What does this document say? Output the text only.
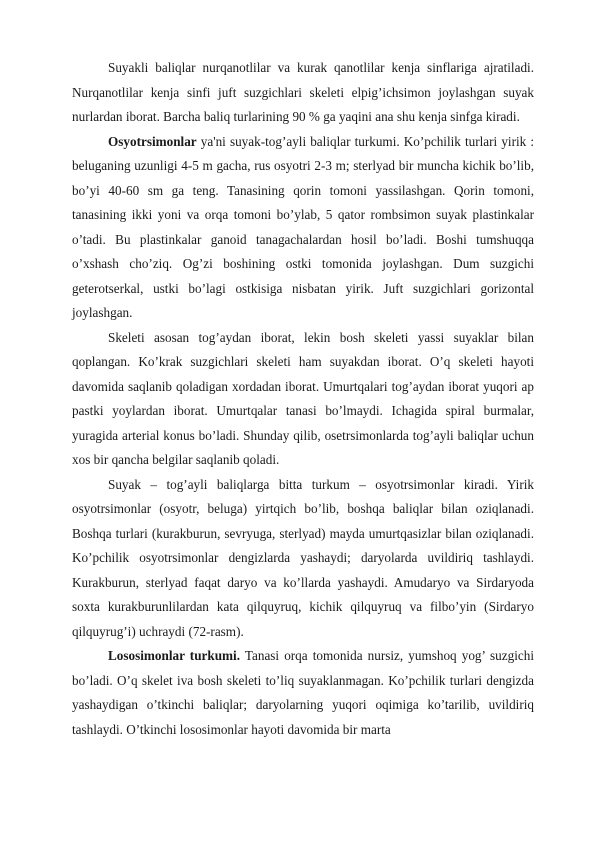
Suyakli baliqlar nurqanotlilar va kurak qanotlilar kenja sinflariga ajratiladi. Nurqanotlilar kenja sinfi juft suzgichlari skeleti elpig’ichsimon joylashgan suyak nurlardan iborat. Barcha baliq turlarining 90 % ga yaqini ana shu kenja sinfga kiradi.

Osyotrsimonlar ya'ni suyak-tog’ayli baliqlar turkumi. Ko’pchilik turlari yirik : beluganing uzunligi 4-5 m gacha, rus osyotri 2-3 m; sterlyad bir muncha kichik bo’lib, bo’yi 40-60 sm ga teng. Tanasining qorin tomoni yassilashgan. Qorin tomoni, tanasining ikki yoni va orqa tomoni bo’ylab, 5 qator rombsimon suyak plastinkalar o’tadi. Bu plastinkalar ganoid tanagachalardan hosil bo’ladi. Boshi tumshuqqa o’xshash cho’ziq. Og’zi boshining ostki tomonida joylashgan. Dum suzgichi geterotserkal, ustki bo’lagi ostkisiga nisbatan yirik. Juft suzgichlari gorizontal joylashgan.

Skeleti asosan tog’aydan iborat, lekin bosh skeleti yassi suyaklar bilan qoplangan. Ko’krak suzgichlari skeleti ham suyakdan iborat. O’q skeleti hayoti davomida saqlanib qoladigan xordadan iborat. Umurtqalari tog’aydan iborat yuqori ap pastki yoylardan iborat. Umurtqalar tanasi bo’lmaydi. Ichagida spiral burmalar, yuragida arterial konus bo’ladi. Shunday qilib, osetrsimonlarda tog’ayli baliqlar uchun xos bir qancha belgilar saqlanib qoladi.

Suyak – tog’ayli baliqlarga bitta turkum – osyotrsimonlar kiradi. Yirik osyotrsimonlar (osyotr, beluga) yirtqich bo’lib, boshqa baliqlar bilan oziqlanadi. Boshqa turlari (kurakburun, sevryuga, sterlyad) mayda umurtqasizlar bilan oziqlanadi. Ko’pchilik osyotrsimonlar dengizlarda yashaydi; daryolarda uvildiriq tashlaydi. Kurakburun, sterlyad faqat daryo va ko’llarda yashaydi. Amudaryo va Sirdaryoda soxta kurakburunlilardan kata qilquyruq, kichik qilquyruq va filbo’yin (Sirdaryo qilquyrug’i) uchraydi (72-rasm).

Lososimonlar turkumi. Tanasi orqa tomonida nursiz, yumshoq yog’ suzgichi bo’ladi. O’q skelet iva bosh skeleti to’liq suyaklanmagan. Ko’pchilik turlari dengizda yashaydigan o’tkinchi baliqlar; daryolarning yuqori oqimiga ko’tarilib, uvildiriq tashlaydi. O’tkinchi lososimonlar hayoti davomida bir marta
